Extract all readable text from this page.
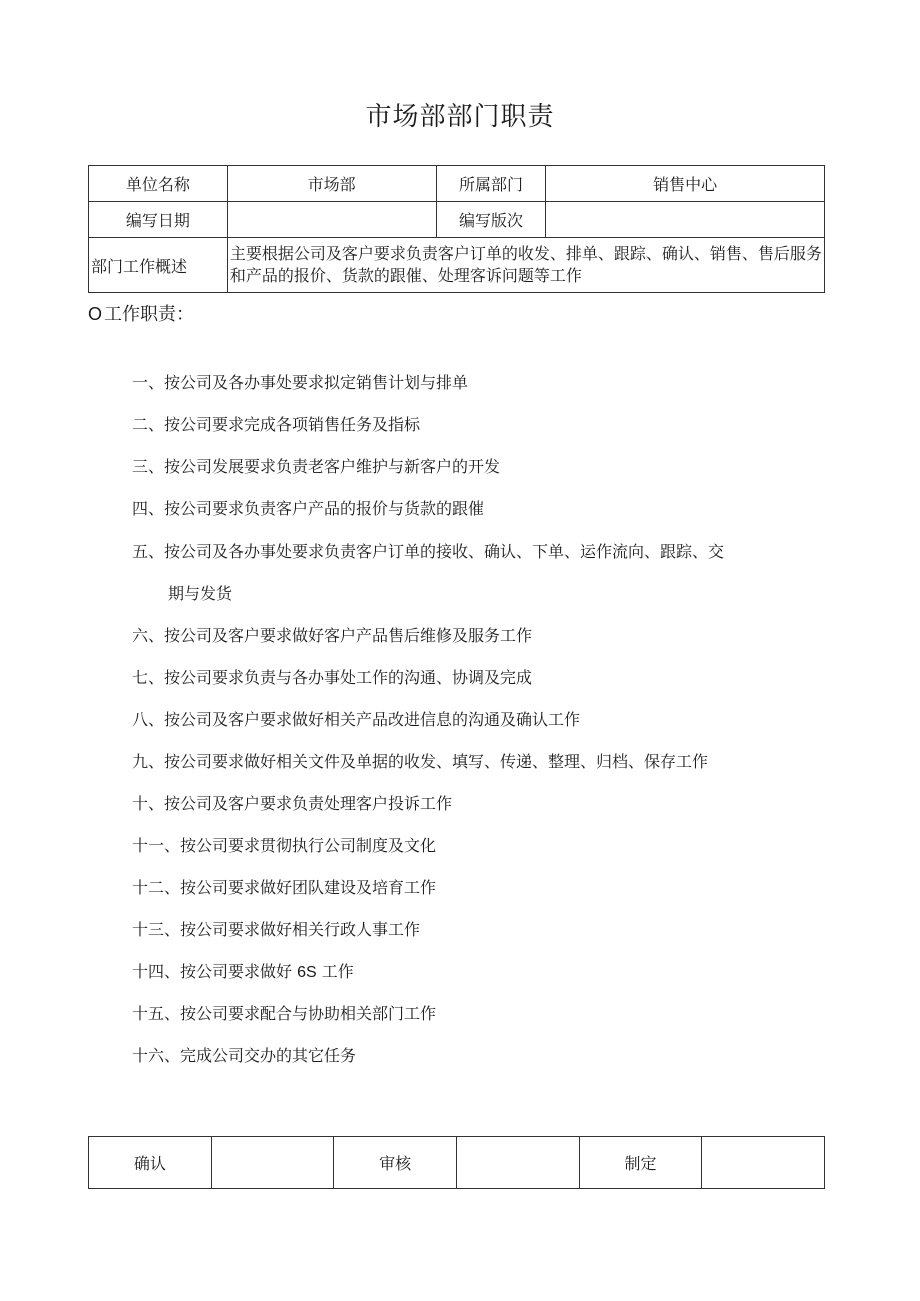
市场部部门职责
单位名称	市场部	所属部门	销售中心
编写日期		编写版次	
部门工作概述	主要根据公司及客户要求负责客户订单的收发、排单、跟踪、确认、销售、售后服务和产品的报价、货款的跟催、处理客诉问题等工作		
O 工作职责：
一、按公司及各办事处要求拟定销售计划与排单
二、按公司要求完成各项销售任务及指标
三、按公司发展要求负责老客户维护与新客户的开发
四、按公司要求负责客户产品的报价与货款的跟催
五、按公司及各办事处要求负责客户订单的接收、确认、下单、运作流向、跟踪、交
期与发货
六、按公司及客户要求做好客户产品售后维修及服务工作
七、按公司要求负责与各办事处工作的沟通、协调及完成
八、按公司及客户要求做好相关产品改进信息的沟通及确认工作
九、按公司要求做好相关文件及单据的收发、填写、传递、整理、归档、保存工作
十、按公司及客户要求负责处理客户投诉工作
十一、按公司要求贯彻执行公司制度及文化
十二、按公司要求做好团队建设及培育工作
十三、按公司要求做好相关行政人事工作
十四、按公司要求做好 6S 工作
十五、按公司要求配合与协助相关部门工作
十六、完成公司交办的其它任务
确认		审核		制定	
